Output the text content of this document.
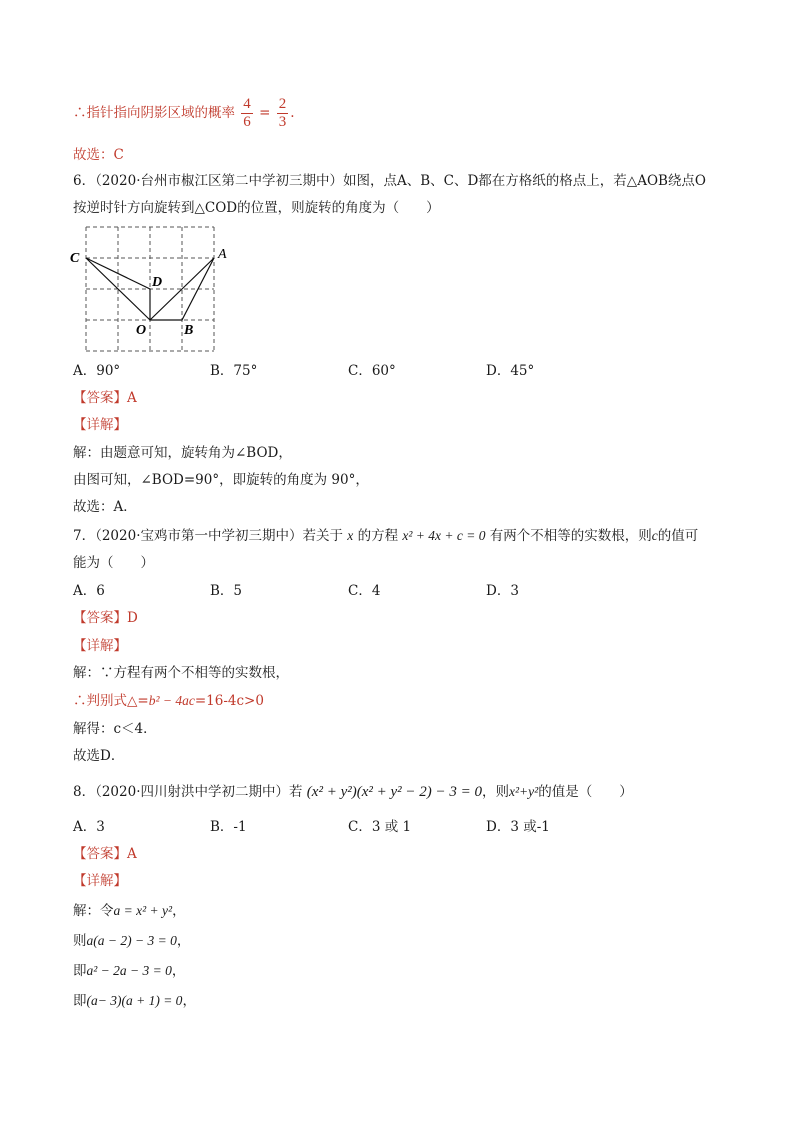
∴指针指向阴影区域的概率 $\frac{4}{6} = \frac{2}{3}$ .
故选：C
6．（2020·台州市椒江区第二中学初三期中）如图，点A、B、C、D都在方格纸的格点上，若△AOB绕点O
按逆时针方向旋转到△COD的位置，则旋转的角度为（　　）
C	A
D
O	B
A．90°	B．75°	C．60°	D．45°
【答案】A
【详解】
解：由题意可知，旋转角为∠BOD，
由图可知，∠BOD=90°，即旋转的角度为 90°，
故选：A．
7．（2020·宝鸡市第一中学初三期中）若关于 x 的方程 x² + 4x + c = 0 有两个不相等的实数根，则c的值可
能为（　　）
A．6	B．5	C．4	D．3
【答案】D
【详解】
解：∵方程有两个不相等的实数根，
∴判别式△=b² − 4ac=16-4c>0
解得：c＜4．
故选D．
8．（2020·四川射洪中学初二期中）若 (x² + y²)(x² + y² − 2) − 3 = 0，则x²+y²的值是（　　）
A．3	B．-1	C．3 或 1	D．3 或-1
【答案】A
【详解】
解：令a = x² + y²，
则a(a − 2) − 3 = 0，
即a² − 2a − 3 = 0，
即(a− 3)(a + 1) = 0，
